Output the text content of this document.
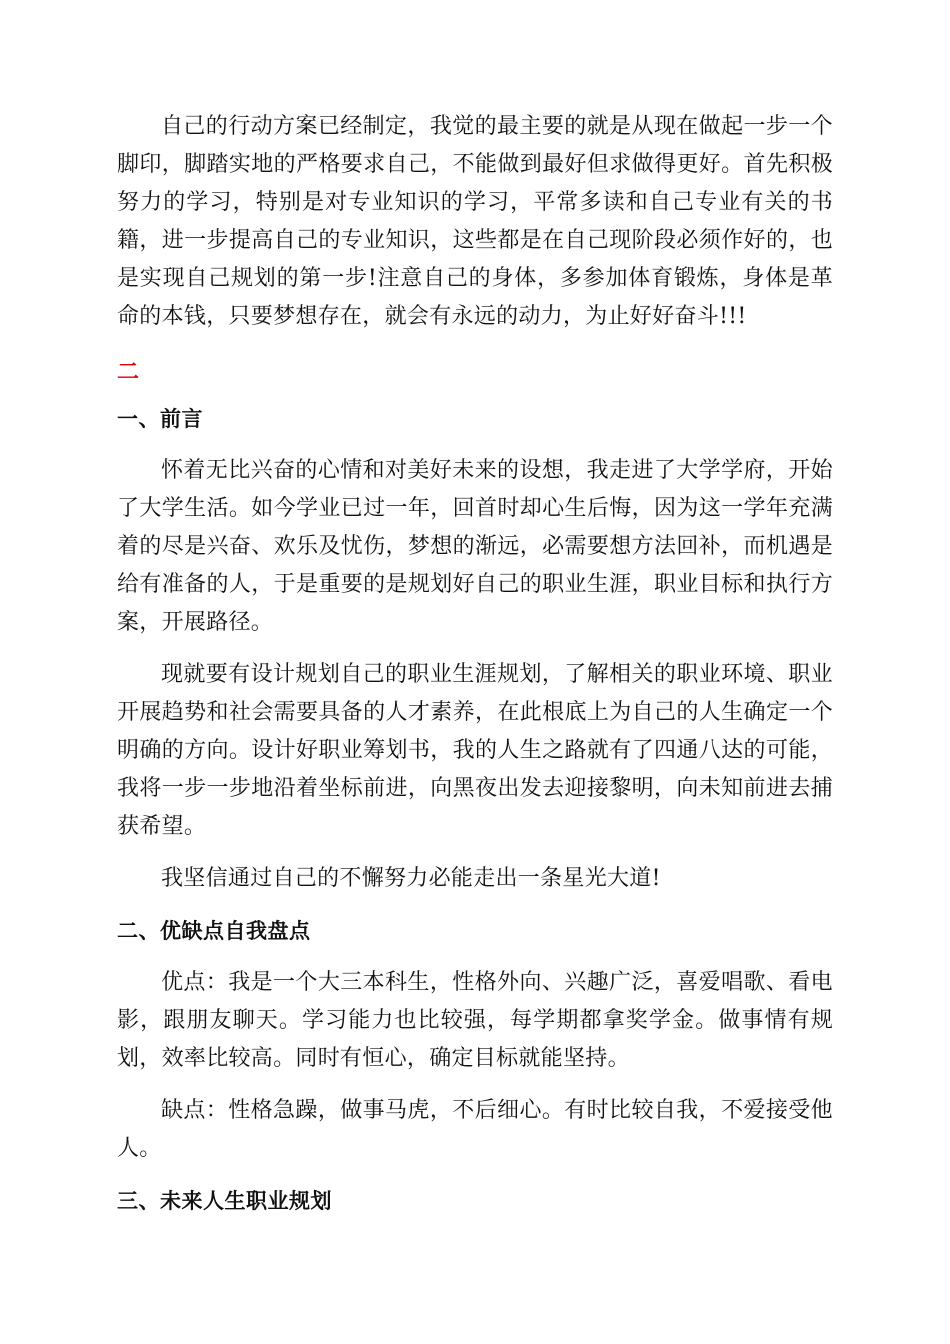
自己的行动方案已经制定，我觉的最主要的就是从现在做起一步一个脚印，脚踏实地的严格要求自己，不能做到最好但求做得更好。首先积极努力的学习，特别是对专业知识的学习，平常多读和自己专业有关的书籍，进一步提高自己的专业知识，这些都是在自己现阶段必须作好的，也是实现自己规划的第一步!注意自己的身体，多参加体育锻炼，身体是革命的本钱，只要梦想存在，就会有永远的动力，为止好好奋斗!!!

二

一、前言

怀着无比兴奋的心情和对美好未来的设想，我走进了大学学府，开始了大学生活。如今学业已过一年，回首时却心生后悔，因为这一学年充满着的尽是兴奋、欢乐及忧伤，梦想的渐远，必需要想方法回补，而机遇是给有准备的人，于是重要的是规划好自己的职业生涯，职业目标和执行方案，开展路径。

现就要有设计规划自己的职业生涯规划，了解相关的职业环境、职业开展趋势和社会需要具备的人才素养，在此根底上为自己的人生确定一个明确的方向。设计好职业筹划书，我的人生之路就有了四通八达的可能，我将一步一步地沿着坐标前进，向黑夜出发去迎接黎明，向未知前进去捕获希望。

我坚信通过自己的不懈努力必能走出一条星光大道!

二、优缺点自我盘点

优点：我是一个大三本科生，性格外向、兴趣广泛，喜爱唱歌、看电影，跟朋友聊天。学习能力也比较强，每学期都拿奖学金。做事情有规划，效率比较高。同时有恒心，确定目标就能坚持。

缺点：性格急躁，做事马虎，不后细心。有时比较自我，不爱接受他人。

三、未来人生职业规划
